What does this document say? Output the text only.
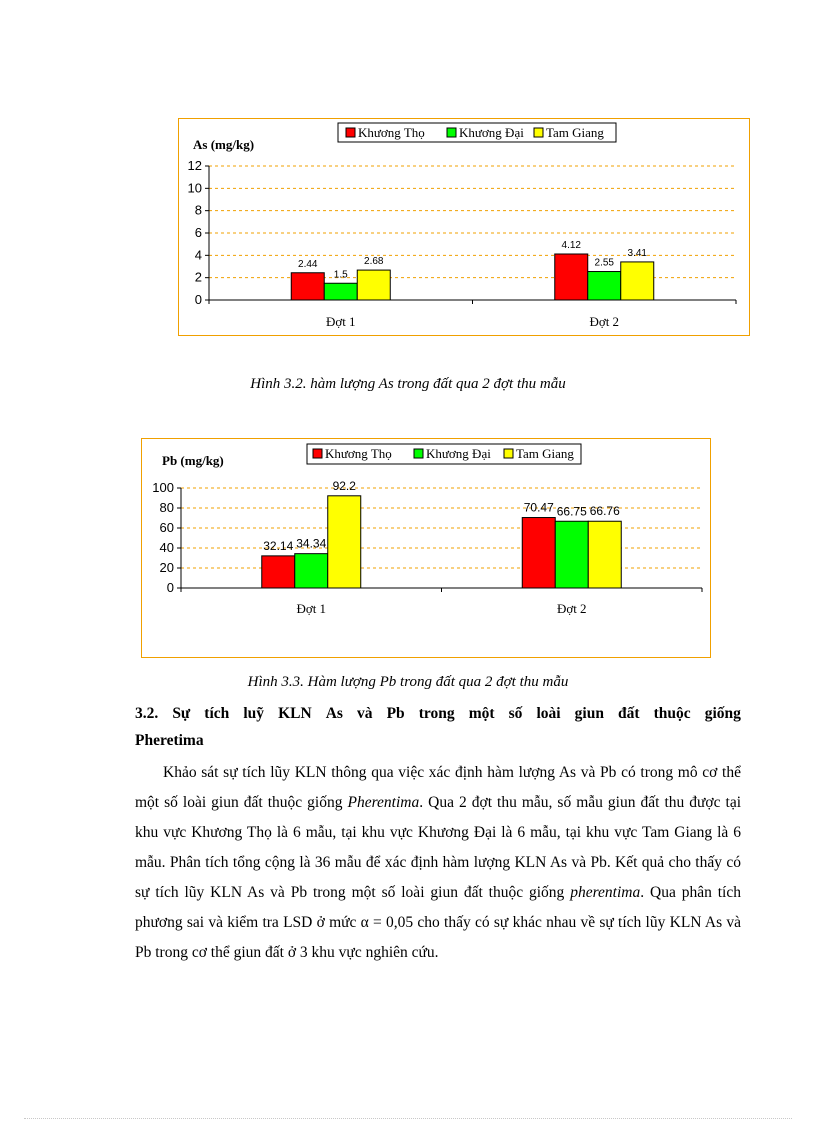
As (mg/kg)
0
2
4
6
8
10
12
Đợt 1
2.44
1.5
2.68
Đợt 2
4.12
2.55
3.41
Khương Thọ	Khương Đại Tam Giang
Hình 3.2. hàm lượng As trong đất qua 2 đợt thu mẫu
Pb (mg/kg)
0
20
40
60
80
100
Đợt 1
32.14 34.34
92.2
Đợt 2
70.47 66.75 66.76
Khương Thọ	Khương Đại Tam Giang
Hình 3.3. Hàm lượng Pb trong đất qua 2 đợt thu mẫu
3.2. Sự tích luỹ KLN As và Pb trong một số loài giun đất thuộc giống
Pheretima

Khảo sát sự tích lũy KLN thông qua việc xác định hàm lượng As và Pb có trong mô cơ thể một số loài giun đất thuộc giống Pherentima. Qua 2 đợt thu mẫu, số mẫu giun đất thu được tại khu vực Khương Thọ là 6 mẫu, tại khu vực Khương Đại là 6 mẫu, tại khu vực Tam Giang là 6 mẫu. Phân tích tổng cộng là 36 mẫu để xác định hàm lượng KLN As và Pb. Kết quả cho thấy có sự tích lũy KLN As và Pb trong một số loài giun đất thuộc giống pherentima. Qua phân tích phương sai và kiểm tra LSD ở mức α = 0,05 cho thấy có sự khác nhau về sự tích lũy KLN As và Pb trong cơ thể giun đất ở 3 khu vực nghiên cứu.
